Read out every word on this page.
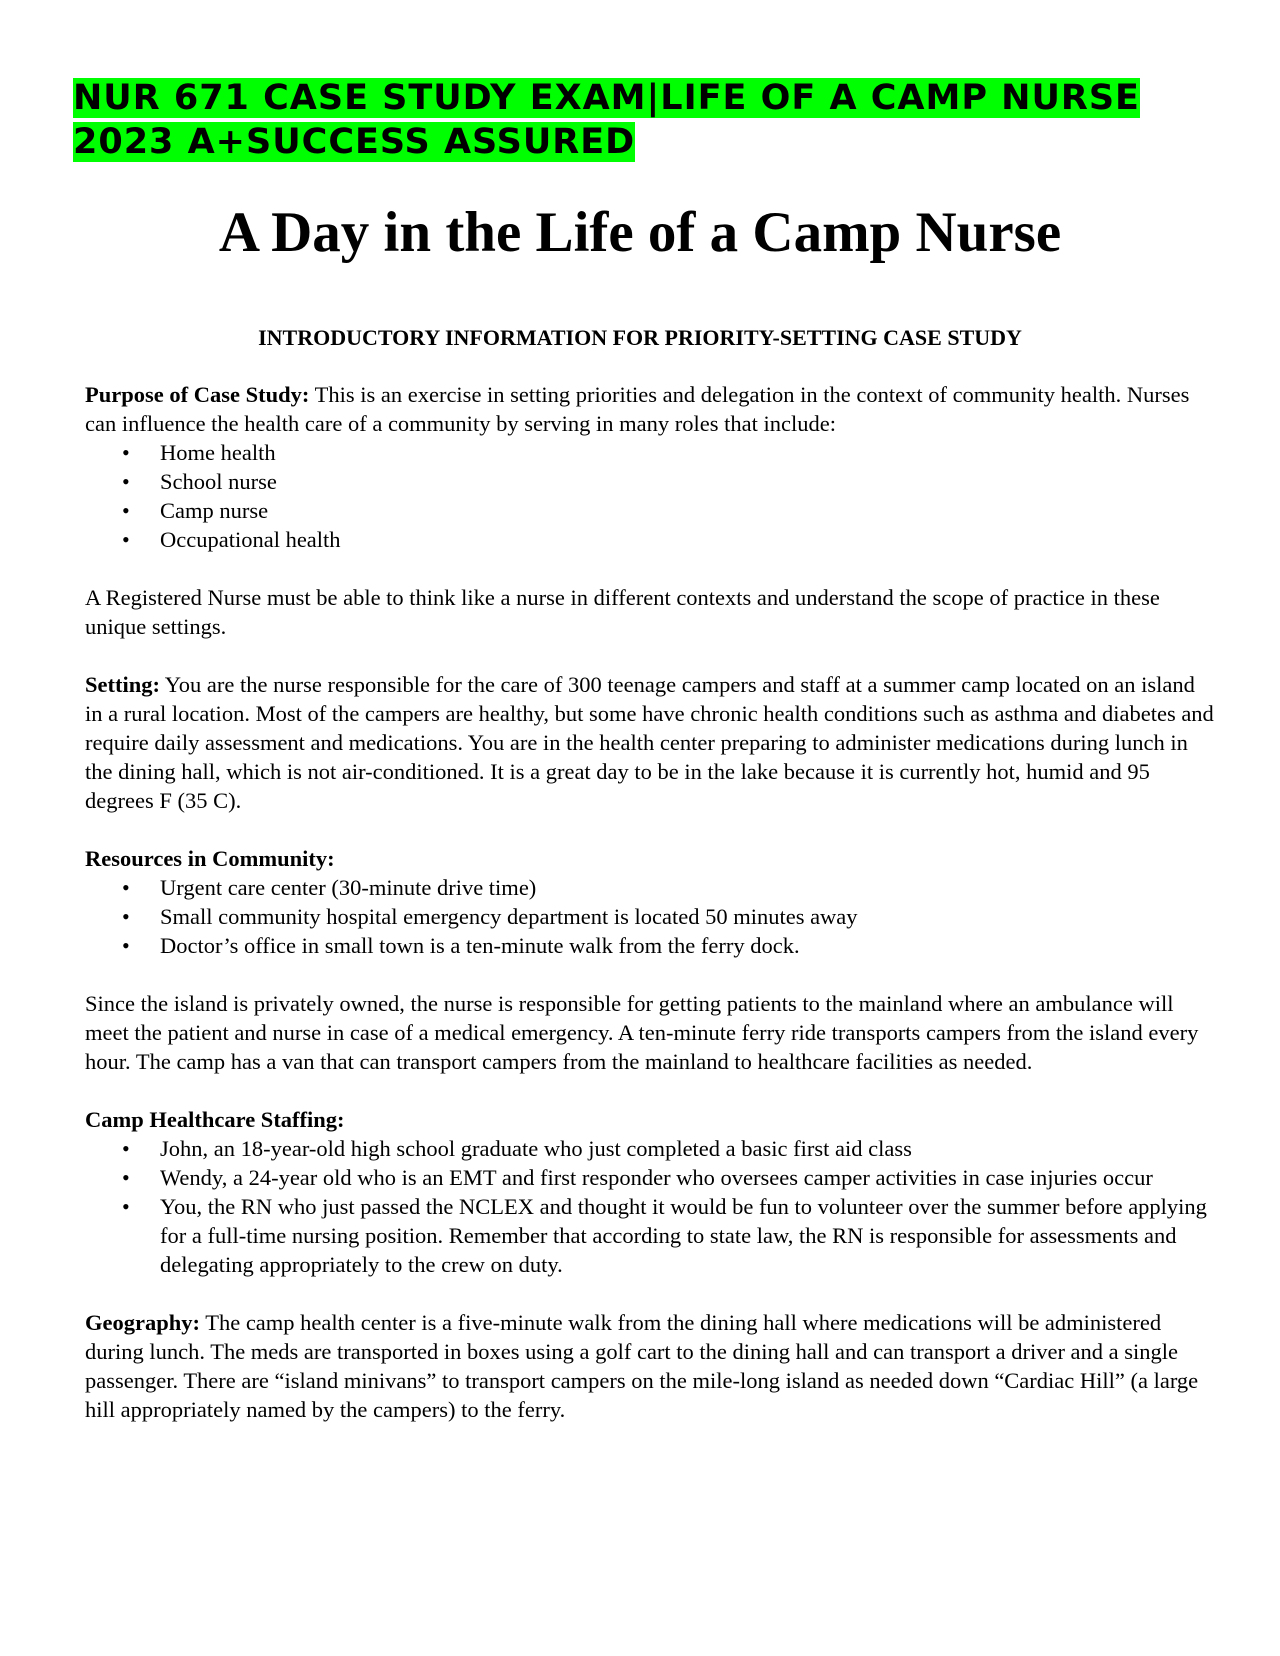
NUR 671 CASE STUDY EXAM|LIFE OF A CAMP NURSE
2023 A+SUCCESS ASSURED
A Day in the Life of a Camp Nurse
INTRODUCTORY INFORMATION FOR PRIORITY-SETTING CASE STUDY

Purpose of Case Study: This is an exercise in setting priorities and delegation in the context of community health. Nurses can influence the health care of a community by serving in many roles that include:

• Home health
• School nurse
• Camp nurse
• Occupational health

A Registered Nurse must be able to think like a nurse in different contexts and understand the scope of practice in these unique settings.

Setting: You are the nurse responsible for the care of 300 teenage campers and staff at a summer camp located on an island in a rural location. Most of the campers are healthy, but some have chronic health conditions such as asthma and diabetes and require daily assessment and medications. You are in the health center preparing to administer medications during lunch in the dining hall, which is not air-conditioned. It is a great day to be in the lake because it is currently hot, humid and 95 degrees F (35 C).

Resources in Community:

• Urgent care center (30-minute drive time)
• Small community hospital emergency department is located 50 minutes away
• Doctor’s office in small town is a ten-minute walk from the ferry dock.

Since the island is privately owned, the nurse is responsible for getting patients to the mainland where an ambulance will meet the patient and nurse in case of a medical emergency. A ten-minute ferry ride transports campers from the island every hour. The camp has a van that can transport campers from the mainland to healthcare facilities as needed.

Camp Healthcare Staffing:

• John, an 18-year-old high school graduate who just completed a basic first aid class
• Wendy, a 24-year old who is an EMT and first responder who oversees camper activities in case injuries occur
• You, the RN who just passed the NCLEX and thought it would be fun to volunteer over the summer before applying for a full-time nursing position. Remember that according to state law, the RN is responsible for assessments and delegating appropriately to the crew on duty.

Geography: The camp health center is a five-minute walk from the dining hall where medications will be administered during lunch. The meds are transported in boxes using a golf cart to the dining hall and can transport a driver and a single passenger. There are “island minivans” to transport campers on the mile-long island as needed down “Cardiac Hill” (a large hill appropriately named by the campers) to the ferry.
